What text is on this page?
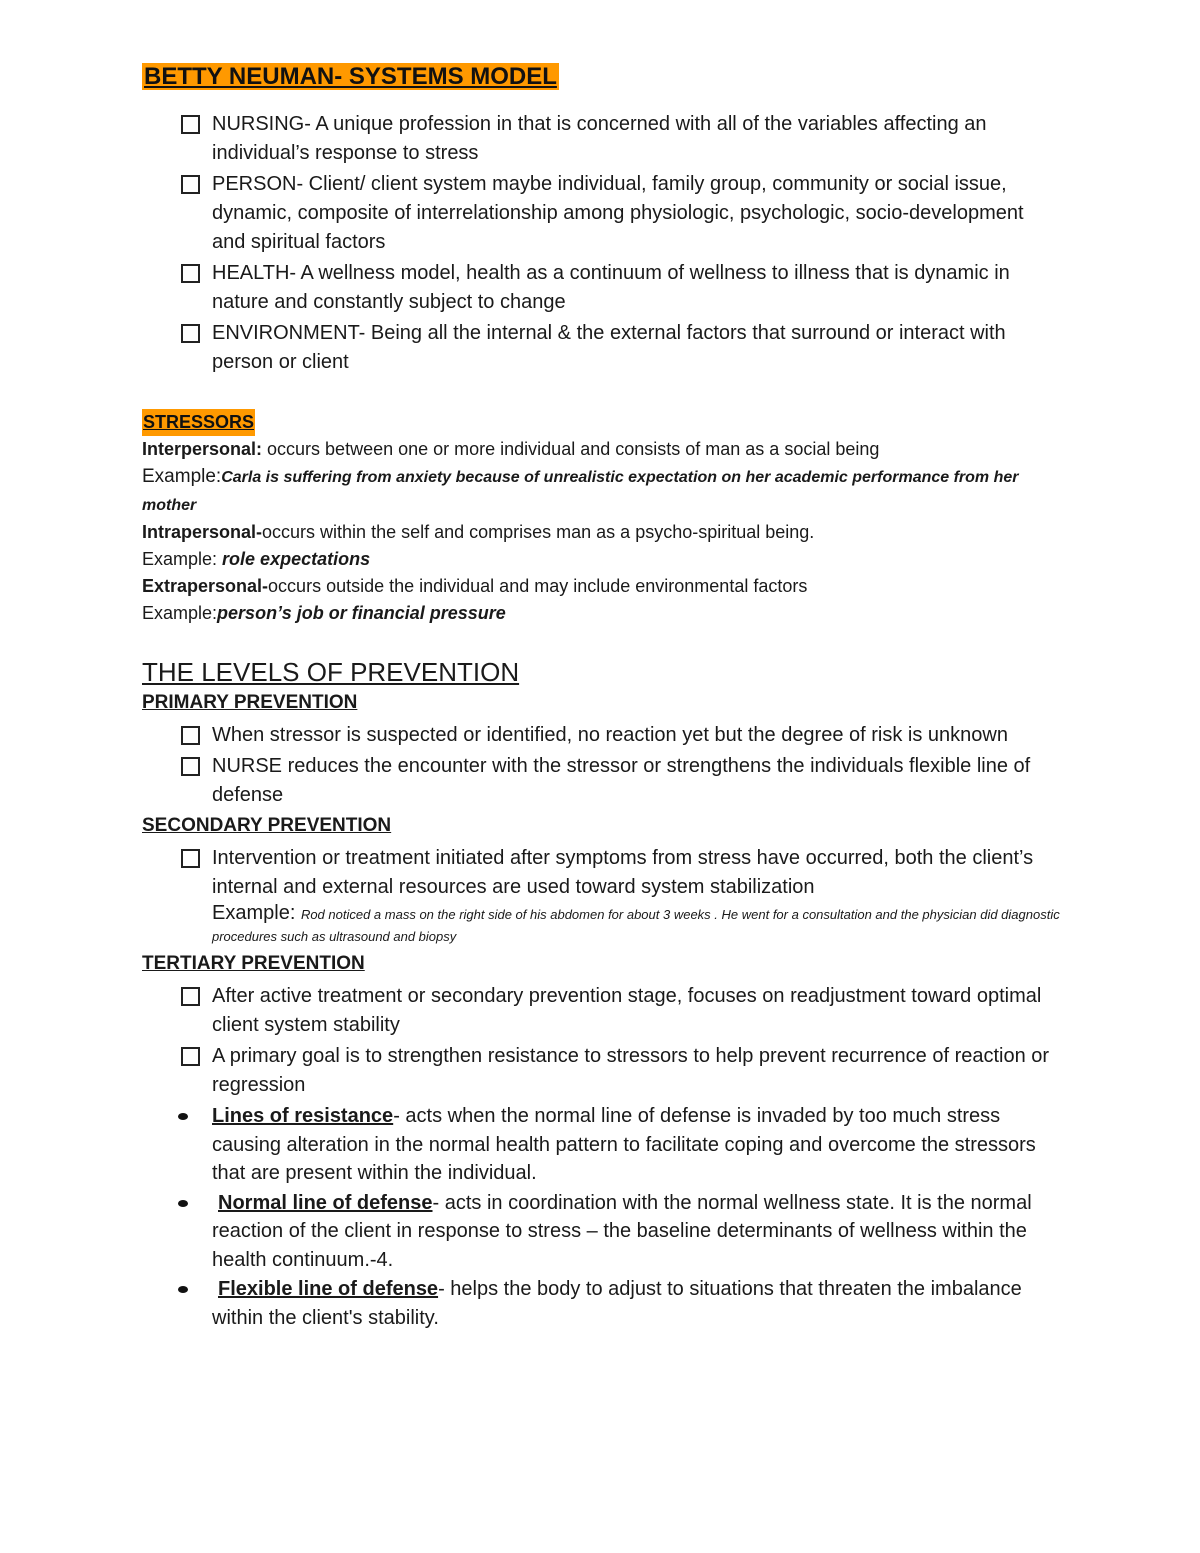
BETTY NEUMAN- SYSTEMS MODEL
NURSING- A unique profession in that is concerned with all of the variables affecting an individual’s response to stress
PERSON- Client/ client system maybe individual, family group, community or social issue, dynamic, composite of interrelationship among physiologic, psychologic, socio-development and spiritual factors
HEALTH- A wellness model, health as a continuum of wellness to illness that is dynamic in nature and constantly subject to change
ENVIRONMENT- Being all the internal & the external factors that surround or interact with person or client
STRESSORS
Interpersonal: occurs between one or more individual and consists of man as a social being
Example:Carla is suffering from anxiety because of unrealistic expectation on her academic performance from her mother
Intrapersonal-occurs within the self and comprises man as a psycho-spiritual being.
Example: role expectations
Extrapersonal-occurs outside the individual and may include environmental factors
Example:person’s job or financial pressure
THE LEVELS OF PREVENTION
PRIMARY PREVENTION
When stressor is suspected or identified, no reaction yet but the degree of risk is unknown
NURSE reduces the encounter with the stressor or strengthens the individuals flexible line of defense
SECONDARY PREVENTION
Intervention or treatment initiated after symptoms from stress have occurred, both the client’s internal and external resources are used toward system stabilization
Example: Rod noticed a mass on the right side of his abdomen for about 3 weeks . He went for a consultation and the physician did diagnostic procedures such as ultrasound and biopsy
TERTIARY PREVENTION
After active treatment or secondary prevention stage, focuses on readjustment toward optimal client system stability
A primary goal is to strengthen resistance to stressors to help prevent recurrence of reaction or regression
Lines of resistance- acts when the normal line of defense is invaded by too much stress causing alteration in the normal health pattern to facilitate coping and overcome the stressors that are present within the individual.
Normal line of defense- acts in coordination with the normal wellness state. It is the normal reaction of the client in response to stress – the baseline determinants of wellness within the health continuum.-4.
Flexible line of defense- helps the body to adjust to situations that threaten the imbalance within the client's stability.
